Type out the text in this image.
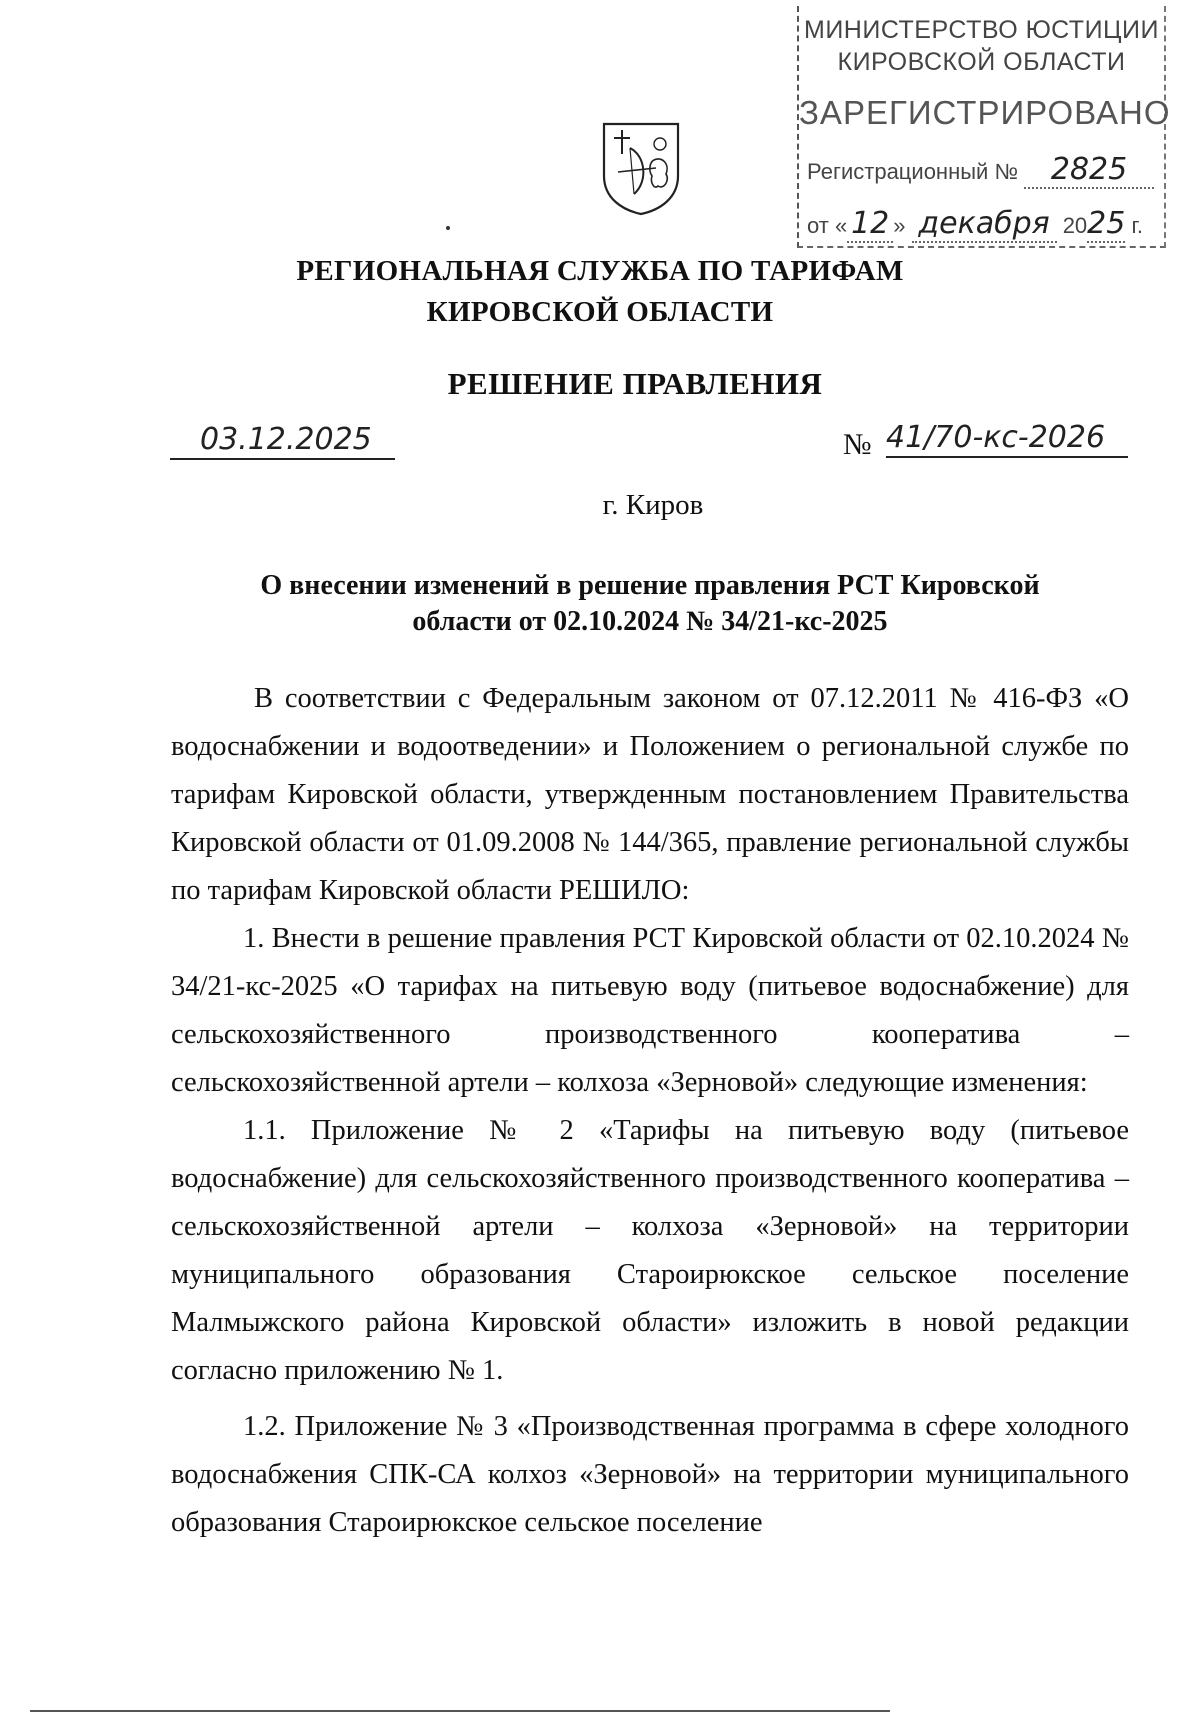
МИНИСТЕРСТВО ЮСТИЦИИ
КИРОВСКОЙ ОБЛАСТИ
ЗАРЕГИСТРИРОВАНО
Регистрационный № 2825
от « 12 » декабря 2025 г.
РЕГИОНАЛЬНАЯ СЛУЖБА ПО ТАРИФАМ
КИРОВСКОЙ ОБЛАСТИ
РЕШЕНИЕ ПРАВЛЕНИЯ
03.12.2025	№ 41/70-кс-2026
г. Киров
О внесении изменений в решение правления РСТ Кировской
области от 02.10.2024 № 34/21-кс-2025

В соответствии с Федеральным законом от 07.12.2011 № 416-ФЗ «О водоснабжении и водоотведении» и Положением о региональной службе по тарифам Кировской области, утвержденным постановлением Правительства Кировской области от 01.09.2008 № 144/365, правление региональной службы по тарифам Кировской области РЕШИЛО:

1. Внести в решение правления РСТ Кировской области от 02.10.2024 № 34/21-кс-2025 «О тарифах на питьевую воду (питьевое водоснабжение) для сельскохозяйственного производственного кооператива – сельскохозяйственной артели – колхоза «Зерновой» следующие изменения:

1.1. Приложение № 2 «Тарифы на питьевую воду (питьевое водоснабжение) для сельскохозяйственного производственного кооператива – сельскохозяйственной артели – колхоза «Зерновой» на территории муниципального образования Староирюкское сельское поселение Малмыжского района Кировской области» изложить в новой редакции согласно приложению № 1.

1.2. Приложение № 3 «Производственная программа в сфере холодного водоснабжения СПК-СА колхоз «Зерновой» на территории муниципального образования Староирюкское сельское поселение
